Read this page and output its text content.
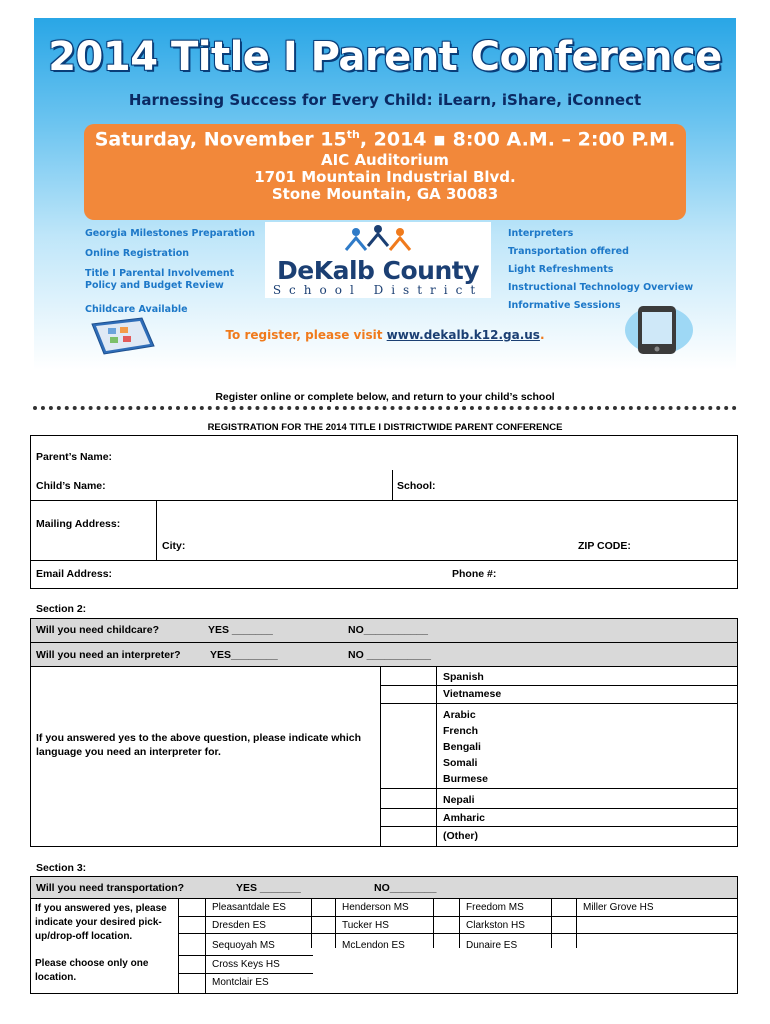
2014 Title I Parent Conference
Harnessing Success for Every Child: iLearn, iShare, iConnect
Saturday, November 15th, 2014 ▪ 8:00 A.M. – 2:00 P.M.
AIC Auditorium
1701 Mountain Industrial Blvd.
Stone Mountain, GA 30083
Georgia Milestones Preparation
Online Registration
Title I Parental Involvement Policy and Budget Review
Childcare Available
DeKalb County
School District
Interpreters
Transportation offered
Light Refreshments
Instructional Technology Overview
Informative Sessions
To register, please visit www.dekalb.k12.ga.us.
Register online or complete below, and return to your child’s school
REGISTRATION FOR THE 2014 TITLE I DISTRICTWIDE PARENT CONFERENCE
Parent’s Name:
Child’s Name:	School:
Mailing Address:
City:	ZIP CODE:
Email Address:	Phone #:
Section 2:
Will you need childcare?	YES _______	NO___________
Will you need an interpreter?	YES________	NO ___________
If you answered yes to the above question, please indicate which language you need an interpreter for.
Spanish
Vietnamese
Arabic
French
Bengali
Somali
Burmese
Nepali
Amharic
(Other)
Section 3:
Will you need transportation?	YES _______	NO________
If you answered yes, please indicate your desired pick-up/drop-off location.
Please choose only one location.
Pleasantdale ES	Henderson MS	Freedom MS	Miller Grove HS
Dresden ES	Tucker HS	Clarkston HS
Sequoyah MS	McLendon ES	Dunaire ES
Cross Keys HS
Montclair ES
